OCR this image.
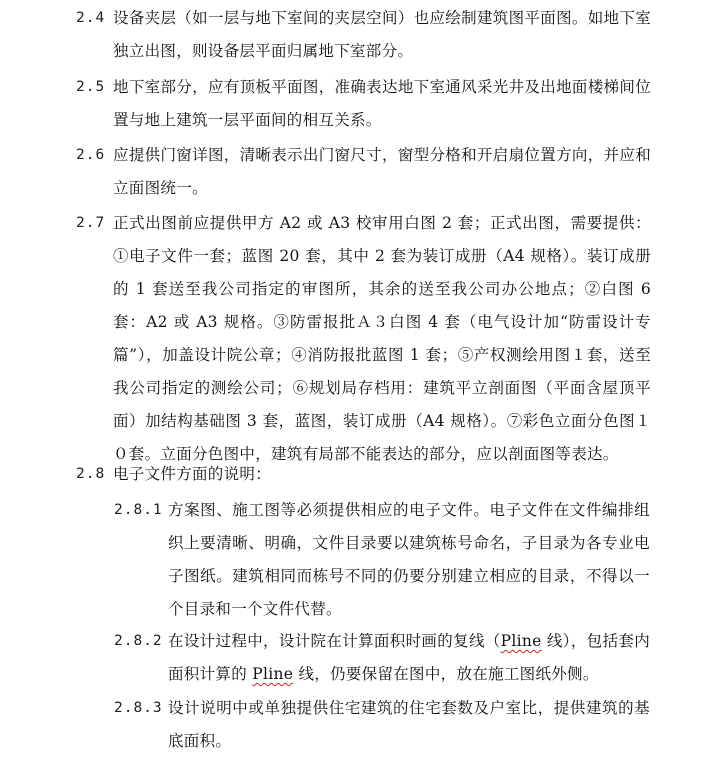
2.4 设备夹层（如一层与地下室间的夹层空间）也应绘制建筑图平面图。如地下室独立出图，则设备层平面归属地下室部分。
2.5 地下室部分，应有顶板平面图，准确表达地下室通风采光井及出地面楼梯间位置与地上建筑一层平面间的相互关系。
2.6 应提供门窗详图，清晰表示出门窗尺寸，窗型分格和开启扇位置方向，并应和立面图统一。
2.7 正式出图前应提供甲方 A2 或 A3 校审用白图 2 套；正式出图，需要提供：①电子文件一套；蓝图 20 套，其中 2 套为装订成册（A4 规格）。装订成册的 1 套送至我公司指定的审图所，其余的送至我公司办公地点；②白图 6 套：A2 或 A3 规格。③防雷报批Ａ３白图 4 套（电气设计加“防雷设计专篇”），加盖设计院公章；④消防报批蓝图 1 套；⑤产权测绘用图１套，送至我公司指定的测绘公司；⑥规划局存档用：建筑平立剖面图（平面含屋顶平面）加结构基础图 3 套，蓝图，装订成册（A4 规格）。⑦彩色立面分色图１０套。立面分色图中，建筑有局部不能表达的部分，应以剖面图等表达。
2.8 电子文件方面的说明：
2.8.1 方案图、施工图等必须提供相应的电子文件。电子文件在文件编排组织上要清晰、明确，文件目录要以建筑栋号命名，子目录为各专业电子图纸。建筑相同而栋号不同的仍要分别建立相应的目录，不得以一个目录和一个文件代替。
2.8.2 在设计过程中，设计院在计算面积时画的复线（Pline 线），包括套内面积计算的 Pline 线，仍要保留在图中，放在施工图纸外侧。
2.8.3 设计说明中或单独提供住宅建筑的住宅套数及户室比，提供建筑的基底面积。
